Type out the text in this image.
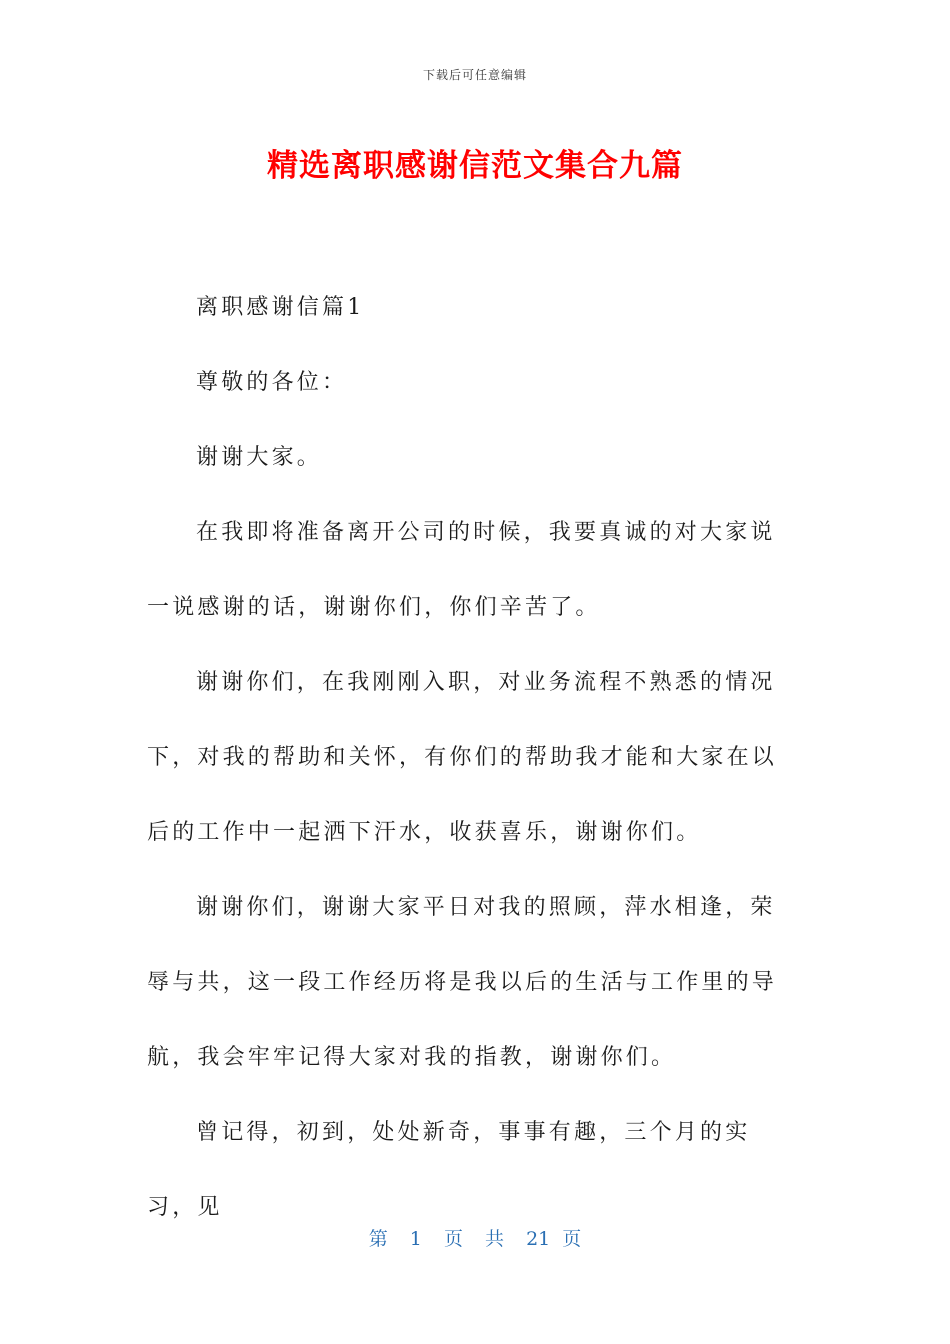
下载后可任意编辑
精选离职感谢信范文集合九篇

离职感谢信篇1

尊敬的各位：

谢谢大家。

在我即将准备离开公司的时候，我要真诚的对大家说一说感谢的话，谢谢你们，你们辛苦了。

谢谢你们，在我刚刚入职，对业务流程不熟悉的情况下，对我的帮助和关怀，有你们的帮助我才能和大家在以后的工作中一起洒下汗水，收获喜乐，谢谢你们。

谢谢你们，谢谢大家平日对我的照顾，萍水相逢，荣辱与共，这一段工作经历将是我以后的生活与工作里的导航，我会牢牢记得大家对我的指教，谢谢你们。

曾记得，初到，处处新奇，事事有趣，三个月的实习，见

第 1 页 共 21 页
